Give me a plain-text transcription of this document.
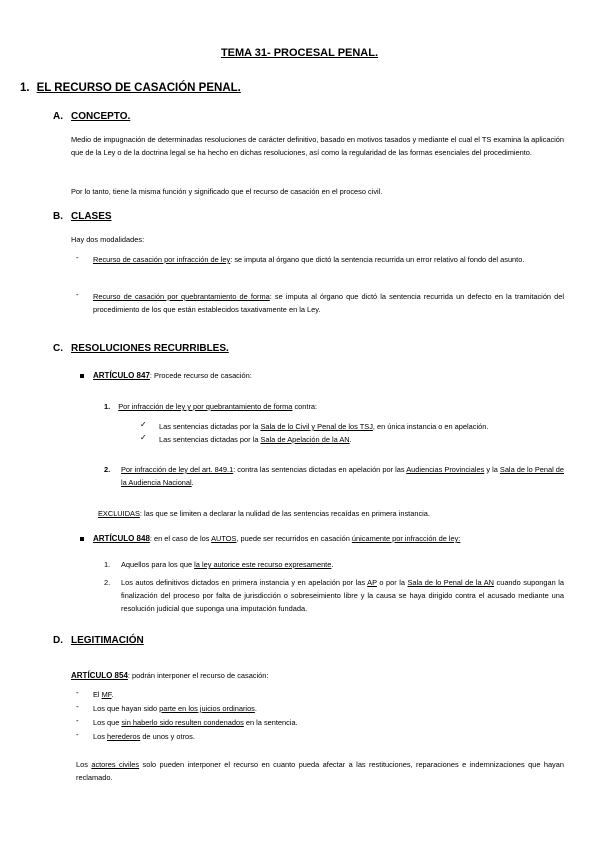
TEMA 31- PROCESAL PENAL.
1. EL RECURSO DE CASACIÓN PENAL.
A. CONCEPTO.

Medio de impugnación de determinadas resoluciones de carácter definitivo, basado en motivos tasados y mediante el cual el TS examina la aplicación que de la Ley o de la doctrina legal se ha hecho en dichas resoluciones, así como la regularidad de las formas esenciales del procedimiento.

Por lo tanto, tiene la misma función y significado que el recurso de casación en el proceso civil.

B. CLASES

Hay dos modalidades:

- Recurso de casación por infracción de ley: se imputa al órgano que dictó la sentencia recurrida un error relativo al fondo del asunto.

- Recurso de casación por quebrantamiento de forma: se imputa al órgano que dictó la sentencia recurrida un defecto en la tramitación del procedimiento de los que están establecidos taxativamente en la Ley.

C. RESOLUCIONES RECURRIBLES.

ARTÍCULO 847: Procede recurso de casación:

1. Por infracción de ley y por quebrantamiento de forma contra:

✓ Las sentencias dictadas por la Sala de lo Civil y Penal de los TSJ, en única instancia o en apelación.

✓ Las sentencias dictadas por la Sala de Apelación de la AN.

2. Por infracción de ley del art. 849.1: contra las sentencias dictadas en apelación por las Audiencias Provinciales y la Sala de lo Penal de la Audiencia Nacional.

EXCLUIDAS: las que se limiten a declarar la nulidad de las sentencias recaídas en primera instancia.

ARTÍCULO 848: en el caso de los AUTOS, puede ser recurridos en casación únicamente por infracción de ley:

1. Aquellos para los que la ley autorice este recurso expresamente.

2. Los autos definitivos dictados en primera instancia y en apelación por las AP o por la Sala de lo Penal de la AN cuando supongan la finalización del proceso por falta de jurisdicción o sobreseimiento libre y la causa se haya dirigido contra el acusado mediante una resolución judicial que suponga una imputación fundada.

D. LEGITIMACIÓN

ARTÍCULO 854: podrán interponer el recurso de casación:

- El MF.

- Los que hayan sido parte en los juicios ordinarios.

- Los que sin haberlo sido resulten condenados en la sentencia.

- Los herederos de unos y otros.

Los actores civiles solo pueden interponer el recurso en cuanto pueda afectar a las restituciones, reparaciones e indemnizaciones que hayan reclamado.
